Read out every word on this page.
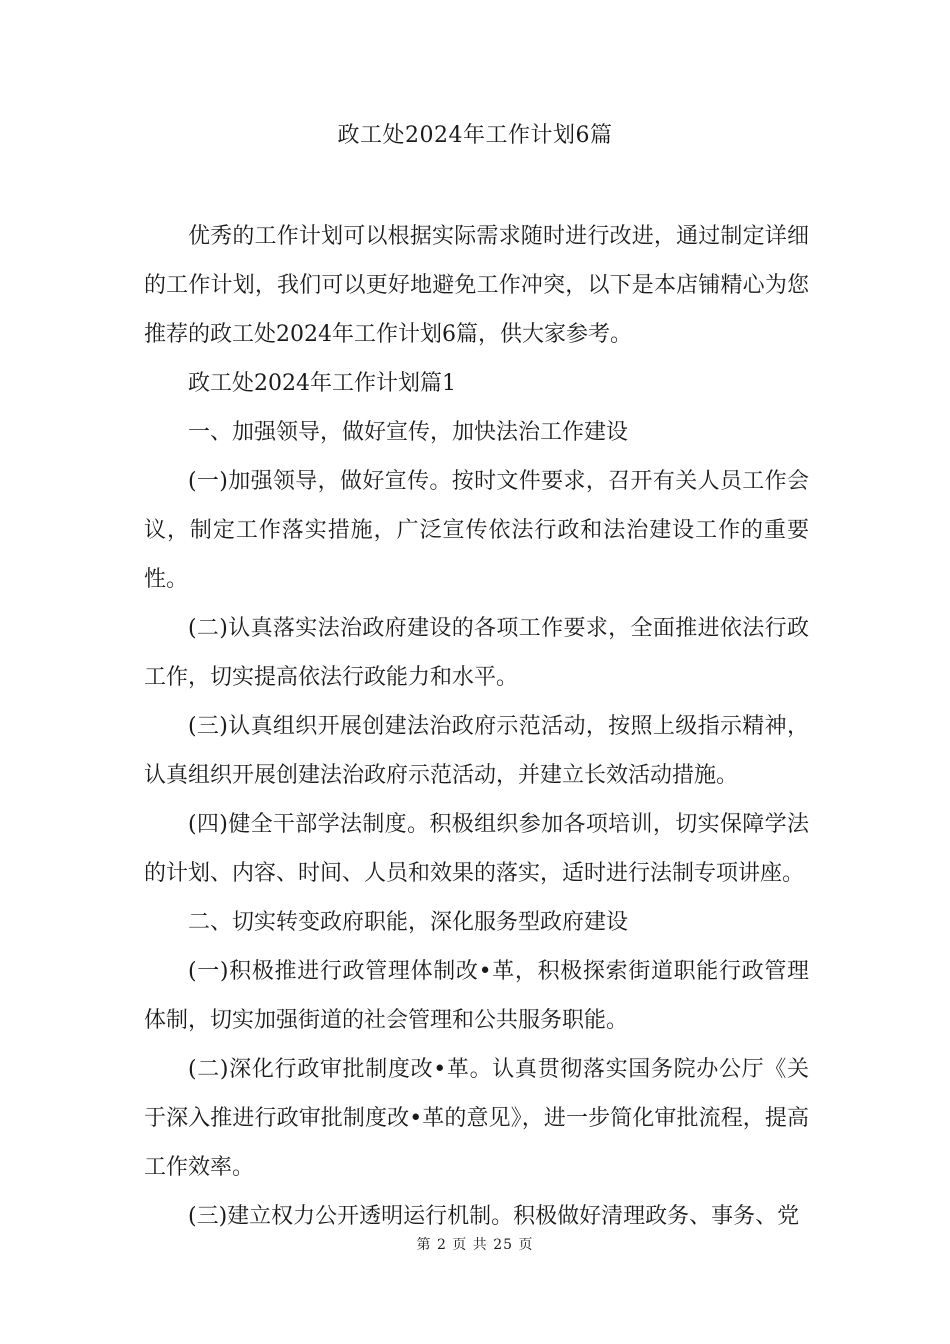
政工处2024年工作计划6篇

优秀的工作计划可以根据实际需求随时进行改进，通过制定详细的工作计划，我们可以更好地避免工作冲突，以下是本店铺精心为您推荐的政工处2024年工作计划6篇，供大家参考。

政工处2024年工作计划篇1

一、加强领导，做好宣传，加快法治工作建设

(一)加强领导，做好宣传。按时文件要求，召开有关人员工作会议，制定工作落实措施，广泛宣传依法行政和法治建设工作的重要性。

(二)认真落实法治政府建设的各项工作要求，全面推进依法行政工作，切实提高依法行政能力和水平。

(三)认真组织开展创建法治政府示范活动，按照上级指示精神，认真组织开展创建法治政府示范活动，并建立长效活动措施。

(四)健全干部学法制度。积极组织参加各项培训，切实保障学法的计划、内容、时间、人员和效果的落实，适时进行法制专项讲座。

二、切实转变政府职能，深化服务型政府建设

(一)积极推进行政管理体制改•革，积极探索街道职能行政管理体制，切实加强街道的社会管理和公共服务职能。

(二)深化行政审批制度改•革。认真贯彻落实国务院办公厅《关于深入推进行政审批制度改•革的意见》，进一步简化审批流程，提高工作效率。

(三)建立权力公开透明运行机制。积极做好清理政务、事务、党

第 2 页 共 25 页
